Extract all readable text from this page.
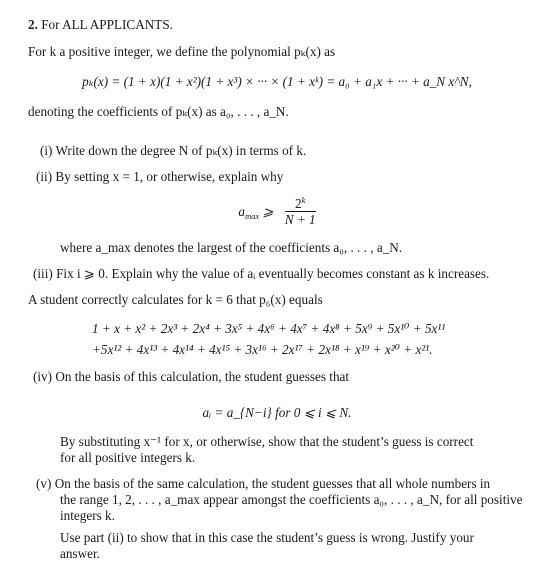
2. For ALL APPLICANTS.
For k a positive integer, we define the polynomial pₖ(x) as
pₖ(x) = (1 + x)(1 + x²)(1 + x³) × ··· × (1 + xᵏ) = a₀ + a₁x + ··· + a_N x^N,
denoting the coefficients of pₖ(x) as a₀, . . . , a_N.
(i) Write down the degree N of pₖ(x) in terms of k.
(ii) By setting x = 1, or otherwise, explain why
$a_{max}$ ⩾ $\frac{2^k}{N + 1}$
where a_max denotes the largest of the coefficients a₀, . . . , a_N.
(iii) Fix i ⩾ 0. Explain why the value of aᵢ eventually becomes constant as k increases.
A student correctly calculates for k = 6 that p₆(x) equals
1 + x + x² + 2x³ + 2x⁴ + 3x⁵ + 4x⁶ + 4x⁷ + 4x⁸ + 5x⁹ + 5x¹⁰ + 5x¹¹
+5x¹² + 4x¹³ + 4x¹⁴ + 4x¹⁵ + 3x¹⁶ + 2x¹⁷ + 2x¹⁸ + x¹⁹ + x²⁰ + x²¹.
(iv) On the basis of this calculation, the student guesses that
aᵢ = a_{N−i} for 0 ⩽ i ⩽ N.
By substituting x⁻¹ for x, or otherwise, show that the student’s guess is correct
for all positive integers k.
(v) On the basis of the same calculation, the student guesses that all whole numbers in
the range 1, 2, . . . , a_max appear amongst the coefficients a₀, . . . , a_N, for all positive
integers k.
Use part (ii) to show that in this case the student’s guess is wrong. Justify your
answer.
